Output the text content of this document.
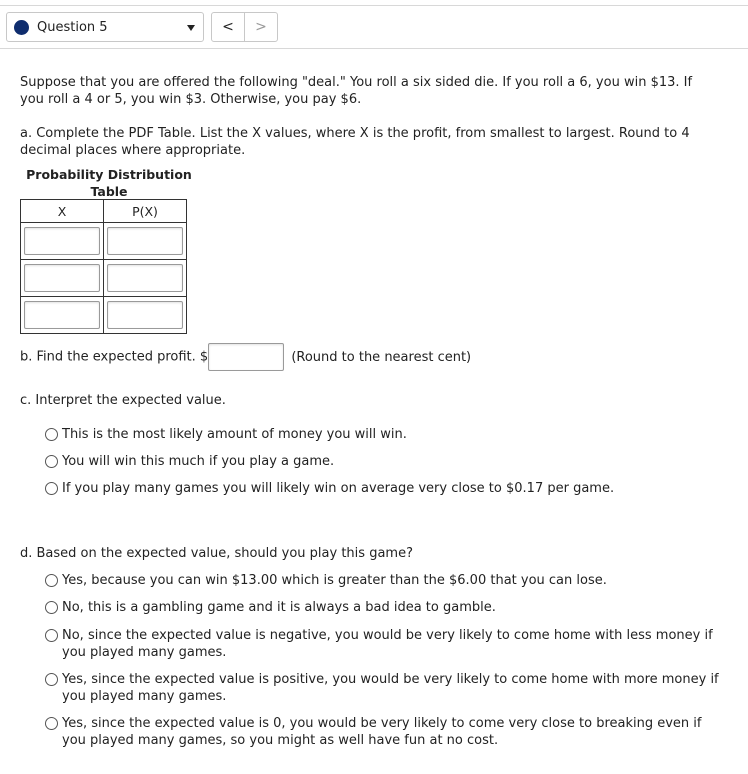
Question 5	<	>

Suppose that you are offered the following "deal." You roll a six sided die. If you roll a 6, you win $13. If you roll a 4 or 5, you win $3. Otherwise, you pay $6.

a. Complete the PDF Table. List the X values, where X is the profit, from smallest to largest. Round to 4 decimal places where appropriate.

Probability Distribution
Table
X	P(X)

b. Find the expected profit. $	(Round to the nearest cent)

c. Interpret the expected value.

This is the most likely amount of money you will win.
You will win this much if you play a game.
If you play many games you will likely win on average very close to $0.17 per game.

d. Based on the expected value, should you play this game?

Yes, because you can win $13.00 which is greater than the $6.00 that you can lose.
No, this is a gambling game and it is always a bad idea to gamble.
No, since the expected value is negative, you would be very likely to come home with less money if you played many games.
Yes, since the expected value is positive, you would be very likely to come home with more money if you played many games.
Yes, since the expected value is 0, you would be very likely to come very close to breaking even if you played many games, so you might as well have fun at no cost.
